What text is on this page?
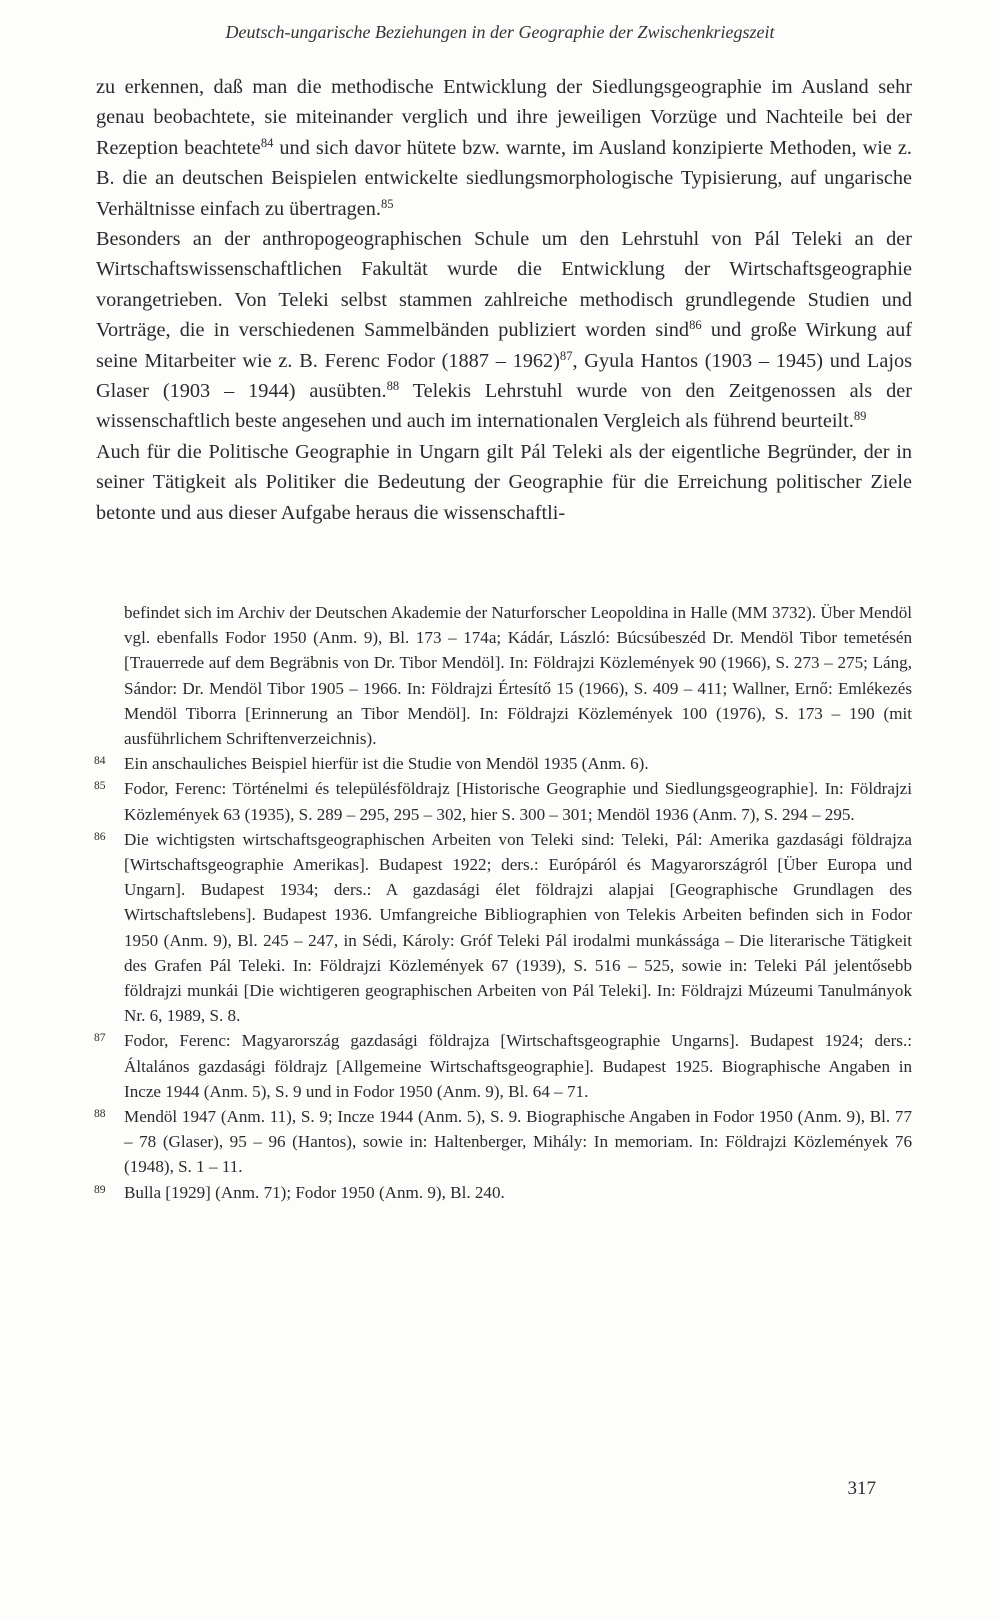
Deutsch-ungarische Beziehungen in der Geographie der Zwischenkriegszeit

zu erkennen, daß man die methodische Entwicklung der Siedlungsgeographie im Ausland sehr genau beobachtete, sie miteinander verglich und ihre jeweiligen Vorzüge und Nachteile bei der Rezeption beachtete$^{84}$ und sich davor hütete bzw. warnte, im Ausland konzipierte Methoden, wie z. B. die an deutschen Beispielen entwickelte siedlungsmorphologische Typisierung, auf ungarische Verhältnisse einfach zu übertragen.$^{85}$

Besonders an der anthropogeographischen Schule um den Lehrstuhl von Pál Teleki an der Wirtschaftswissenschaftlichen Fakultät wurde die Entwicklung der Wirtschaftsgeographie vorangetrieben. Von Teleki selbst stammen zahlreiche methodisch grundlegende Studien und Vorträge, die in verschiedenen Sammelbänden publiziert worden sind$^{86}$ und große Wirkung auf seine Mitarbeiter wie z. B. Ferenc Fodor (1887 – 1962)$^{87}$, Gyula Hantos (1903 – 1945) und Lajos Glaser (1903 – 1944) ausübten.$^{88}$ Telekis Lehrstuhl wurde von den Zeitgenossen als der wissenschaftlich beste angesehen und auch im internationalen Vergleich als führend beurteilt.$^{89}$

Auch für die Politische Geographie in Ungarn gilt Pál Teleki als der eigentliche Begründer, der in seiner Tätigkeit als Politiker die Bedeutung der Geographie für die Erreichung politischer Ziele betonte und aus dieser Aufgabe heraus die wissenschaftli-

befindet sich im Archiv der Deutschen Akademie der Naturforscher Leopoldina in Halle (MM 3732). Über Mendöl vgl. ebenfalls Fodor 1950 (Anm. 9), Bl. 173 – 174a; Kádár, László: Búcsúbeszéd Dr. Mendöl Tibor temetésén [Trauerrede auf dem Begräbnis von Dr. Tibor Mendöl]. In: Földrajzi Közlemények 90 (1966), S. 273 – 275; Láng, Sándor: Dr. Mendöl Tibor 1905 – 1966. In: Földrajzi Értesítő 15 (1966), S. 409 – 411; Wallner, Ernő: Emlékezés Mendöl Tiborra [Erinnerung an Tibor Mendöl]. In: Földrajzi Közlemények 100 (1976), S. 173 – 190 (mit ausführlichem Schriftenverzeichnis).

84 Ein anschauliches Beispiel hierfür ist die Studie von Mendöl 1935 (Anm. 6).

85 Fodor, Ferenc: Történelmi és településföldrajz [Historische Geographie und Siedlungsgeographie]. In: Földrajzi Közlemények 63 (1935), S. 289 – 295, 295 – 302, hier S. 300 – 301; Mendöl 1936 (Anm. 7), S. 294 – 295.

86 Die wichtigsten wirtschaftsgeographischen Arbeiten von Teleki sind: Teleki, Pál: Amerika gazdasági földrajza [Wirtschaftsgeographie Amerikas]. Budapest 1922; ders.: Európáról és Magyarországról [Über Europa und Ungarn]. Budapest 1934; ders.: A gazdasági élet földrajzi alapjai [Geographische Grundlagen des Wirtschaftslebens]. Budapest 1936. Umfangreiche Bibliographien von Telekis Arbeiten befinden sich in Fodor 1950 (Anm. 9), Bl. 245 – 247, in Sédi, Károly: Gróf Teleki Pál irodalmi munkássága – Die literarische Tätigkeit des Grafen Pál Teleki. In: Földrajzi Közlemények 67 (1939), S. 516 – 525, sowie in: Teleki Pál jelentősebb földrajzi munkái [Die wichtigeren geographischen Arbeiten von Pál Teleki]. In: Földrajzi Múzeumi Tanulmányok Nr. 6, 1989, S. 8.

87 Fodor, Ferenc: Magyarország gazdasági földrajza [Wirtschaftsgeographie Ungarns]. Budapest 1924; ders.: Általános gazdasági földrajz [Allgemeine Wirtschaftsgeographie]. Budapest 1925. Biographische Angaben in Incze 1944 (Anm. 5), S. 9 und in Fodor 1950 (Anm. 9), Bl. 64 – 71.

88 Mendöl 1947 (Anm. 11), S. 9; Incze 1944 (Anm. 5), S. 9. Biographische Angaben in Fodor 1950 (Anm. 9), Bl. 77 – 78 (Glaser), 95 – 96 (Hantos), sowie in: Haltenberger, Mihály: In memoriam. In: Földrajzi Közlemények 76 (1948), S. 1 – 11.

89 Bulla [1929] (Anm. 71); Fodor 1950 (Anm. 9), Bl. 240.

317
